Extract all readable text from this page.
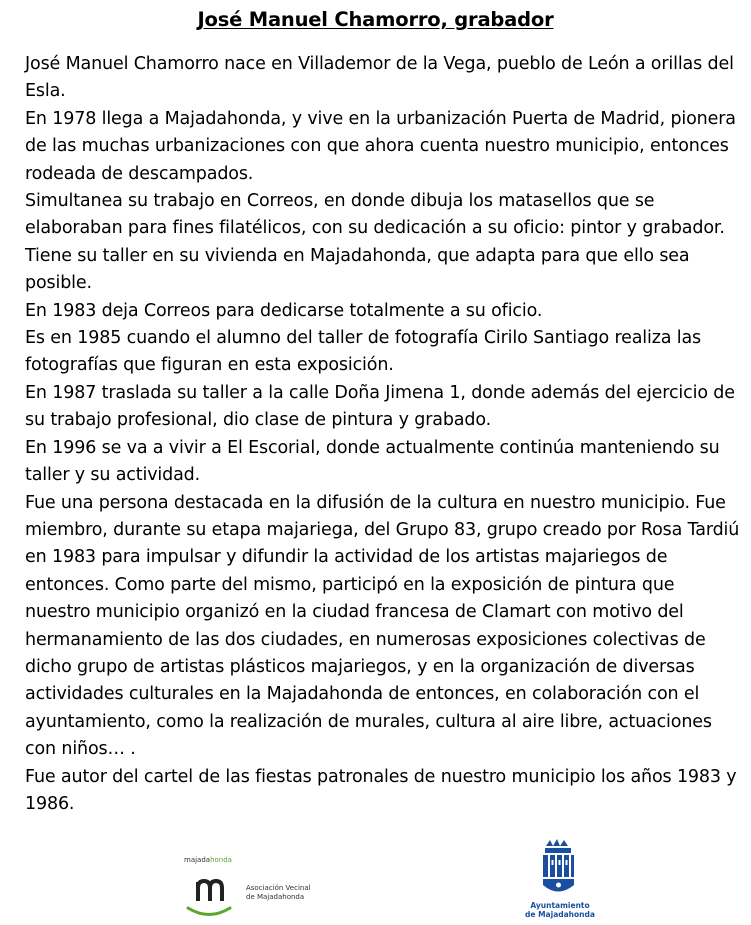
José Manuel Chamorro, grabador

José Manuel Chamorro nace en Villademor de la Vega, pueblo de León a orillas del Esla.

En 1978 llega a Majadahonda, y vive en la urbanización Puerta de Madrid, pionera de las muchas urbanizaciones con que ahora cuenta nuestro municipio, entonces rodeada de descampados.

Simultanea su trabajo en Correos, en donde dibuja los matasellos que se elaboraban para fines filatélicos, con su dedicación a su oficio: pintor y grabador.

Tiene su taller en su vivienda en Majadahonda, que adapta para que ello sea posible.

En 1983 deja Correos para dedicarse totalmente a su oficio.

Es en 1985 cuando el alumno del taller de fotografía Cirilo Santiago realiza las fotografías que figuran en esta exposición.

En 1987 traslada su taller a la calle Doña Jimena 1, donde además del ejercicio de su trabajo profesional, dio clase de pintura y grabado.

En 1996 se va a vivir a El Escorial, donde actualmente continúa manteniendo su taller y su actividad.

Fue una persona destacada en la difusión de la cultura en nuestro municipio. Fue miembro, durante su etapa majariega, del Grupo 83, grupo creado por Rosa Tardiú en 1983 para impulsar y difundir la actividad de los artistas majariegos de entonces. Como parte del mismo, participó en la exposición de pintura que nuestro municipio organizó en la ciudad francesa de Clamart con motivo del hermanamiento de las dos ciudades, en numerosas exposiciones colectivas de dicho grupo de artistas plásticos majariegos, y en la organización de diversas actividades culturales en la Majadahonda de entonces, en colaboración con el ayuntamiento, como la realización de murales, cultura al aire libre, actuaciones con niños… .

Fue autor del cartel de las fiestas patronales de nuestro municipio los años 1983 y 1986.

majadahonda
Asociación Vecinal
de Majadahonda
Ayuntamiento
de Majadahonda
